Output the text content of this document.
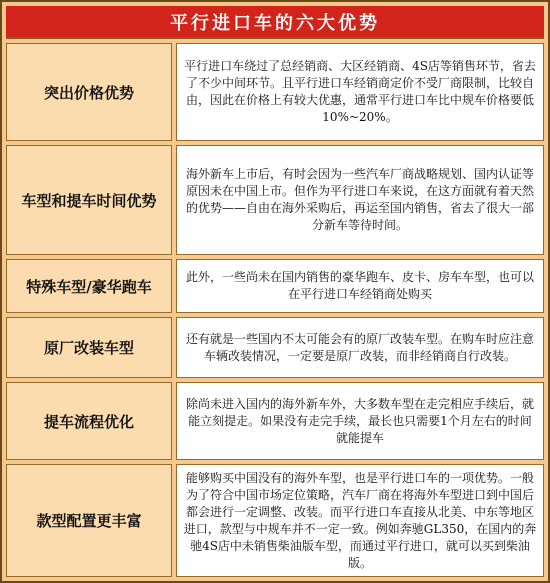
平行进口车的六大优势
突出价格优势
平行进口车绕过了总经销商、大区经销商、4S店等销售环节，省去了不少中间环节。且平行进口车经销商定价不受厂商限制，比较自由，因此在价格上有较大优惠，通常平行进口车比中规车价格要低10%~20%。
车型和提车时间优势
海外新车上市后，有时会因为一些汽车厂商战略规划、国内认证等原因未在中国上市。但作为平行进口车来说，在这方面就有着天然的优势——自由在海外采购后，再运至国内销售，省去了很大一部分新车等待时间。
特殊车型/豪华跑车
此外，一些尚未在国内销售的豪华跑车、皮卡、房车车型，也可以在平行进口车经销商处购买
原厂改装车型
还有就是一些国内不太可能会有的原厂改装车型。在购车时应注意车辆改装情况，一定要是原厂改装，而非经销商自行改装。
提车流程优化
除尚未进入国内的海外新车外，大多数车型在走完相应手续后，就能立刻提走。如果没有走完手续，最长也只需要1个月左右的时间就能提车
款型配置更丰富
能够购买中国没有的海外车型，也是平行进口车的一项优势。一般为了符合中国市场定位策略，汽车厂商在将海外车型进口到中国后都会进行一定调整、改装。而平行进口车直接从北美、中东等地区进口，款型与中规车并不一定一致。例如奔驰GL350，在国内的奔驰4S店中未销售柴油版车型，而通过平行进口，就可以买到柴油版。
